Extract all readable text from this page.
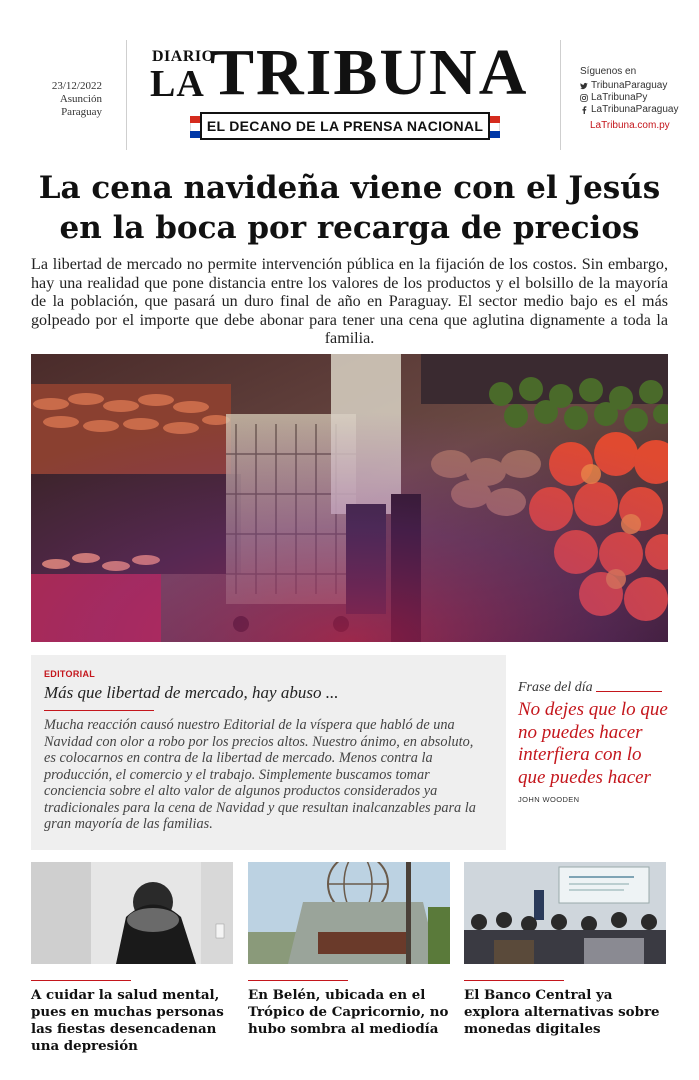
23/12/2022
Asunción
Paraguay
DIARIO
LA TRIBUNA
EL DECANO DE LA PRENSA NACIONAL
Síguenos en
TribunaParaguay
LaTribunaPy
LaTribunaParaguay
LaTribuna.com.py
La cena navideña viene con el Jesús en la boca por recarga de precios

La libertad de mercado no permite intervención pública en la fijación de los costos. Sin embargo, hay una realidad que pone distancia entre los valores de los productos y el bolsillo de la mayoría de la población, que pasará un duro final de año en Paraguay. El sector medio bajo es el más golpeado por el importe que debe abonar para tener una cena que aglutina dignamente a toda la familia.

EDITORIAL
Más que libertad de mercado, hay abuso ...
Mucha reacción causó nuestro Editorial de la víspera que habló de una Navidad con olor a robo por los precios altos. Nuestro ánimo, en absoluto, es colocarnos en contra de la libertad de mercado. Menos contra la producción, el comercio y el trabajo. Simplemente buscamos tomar conciencia sobre el alto valor de algunos productos considerados ya tradicionales para la cena de Navidad y que resultan inalcanzables para la gran mayoría de las familias.
Frase del día
No dejes que lo que no puedes hacer interfiera con lo que puedes hacer
JOHN WOODEN
A cuidar la salud mental, pues en muchas personas las fiestas desencadenan una depresión
En Belén, ubicada en el Trópico de Capricornio, no hubo sombra al mediodía
El Banco Central ya explora alternativas sobre monedas digitales
